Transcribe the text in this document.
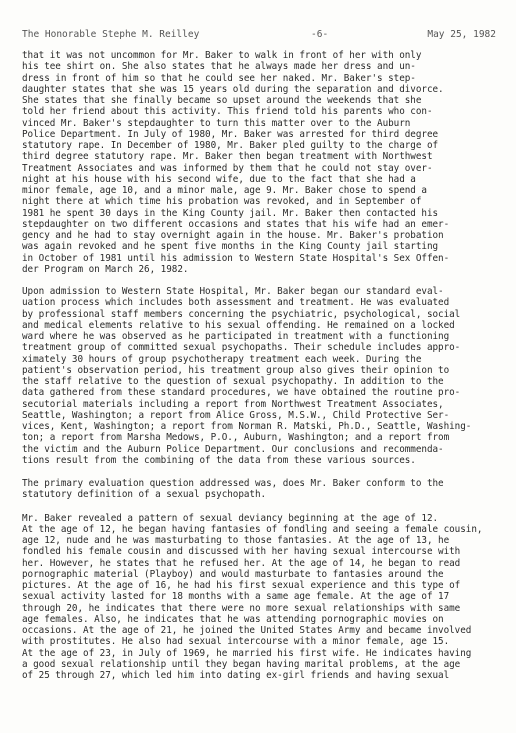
The Honorable Stephe M. Reilley	-6-	May 25, 1982
that it was not uncommon for Mr. Baker to walk in front of her with only
his tee shirt on. She also states that he always made her dress and un-
dress in front of him so that he could see her naked. Mr. Baker's step-
daughter states that she was 15 years old during the separation and divorce.
She states that she finally became so upset around the weekends that she
told her friend about this activity. This friend told his parents who con-
vinced Mr. Baker's stepdaughter to turn this matter over to the Auburn
Police Department. In July of 1980, Mr. Baker was arrested for third degree
statutory rape. In December of 1980, Mr. Baker pled guilty to the charge of
third degree statutory rape. Mr. Baker then began treatment with Northwest
Treatment Associates and was informed by them that he could not stay over-
night at his house with his second wife, due to the fact that she had a
minor female, age 10, and a minor male, age 9. Mr. Baker chose to spend a
night there at which time his probation was revoked, and in September of
1981 he spent 30 days in the King County jail. Mr. Baker then contacted his
stepdaughter on two different occasions and states that his wife had an emer-
gency and he had to stay overnight again in the house. Mr. Baker's probation
was again revoked and he spent five months in the King County jail starting
in October of 1981 until his admission to Western State Hospital's Sex Offen-
der Program on March 26, 1982.
Upon admission to Western State Hospital, Mr. Baker began our standard eval-
uation process which includes both assessment and treatment. He was evaluated
by professional staff members concerning the psychiatric, psychological, social
and medical elements relative to his sexual offending. He remained on a locked
ward where he was observed as he participated in treatment with a functioning
treatment group of committed sexual psychopaths. Their schedule includes appro-
ximately 30 hours of group psychotherapy treatment each week. During the
patient's observation period, his treatment group also gives their opinion to
the staff relative to the question of sexual psychopathy. In addition to the
data gathered from these standard procedures, we have obtained the routine pro-
secutorial materials including a report from Northwest Treatment Associates,
Seattle, Washington; a report from Alice Gross, M.S.W., Child Protective Ser-
vices, Kent, Washington; a report from Norman R. Matski, Ph.D., Seattle, Washing-
ton; a report from Marsha Medows, P.O., Auburn, Washington; and a report from
the victim and the Auburn Police Department. Our conclusions and recommenda-
tions result from the combining of the data from these various sources.
The primary evaluation question addressed was, does Mr. Baker conform to the
statutory definition of a sexual psychopath.
Mr. Baker revealed a pattern of sexual deviancy beginning at the age of 12.
At the age of 12, he began having fantasies of fondling and seeing a female cousin,
age 12, nude and he was masturbating to those fantasies. At the age of 13, he
fondled his female cousin and discussed with her having sexual intercourse with
her. However, he states that he refused her. At the age of 14, he began to read
pornographic material (Playboy) and would masturbate to fantasies around the
pictures. At the age of 16, he had his first sexual experience and this type of
sexual activity lasted for 18 months with a same age female. At the age of 17
through 20, he indicates that there were no more sexual relationships with same
age females. Also, he indicates that he was attending pornographic movies on
occasions. At the age of 21, he joined the United States Army and became involved
with prostitutes. He also had sexual intercourse with a minor female, age 15.
At the age of 23, in July of 1969, he married his first wife. He indicates having
a good sexual relationship until they began having marital problems, at the age
of 25 through 27, which led him into dating ex-girl friends and having sexual
